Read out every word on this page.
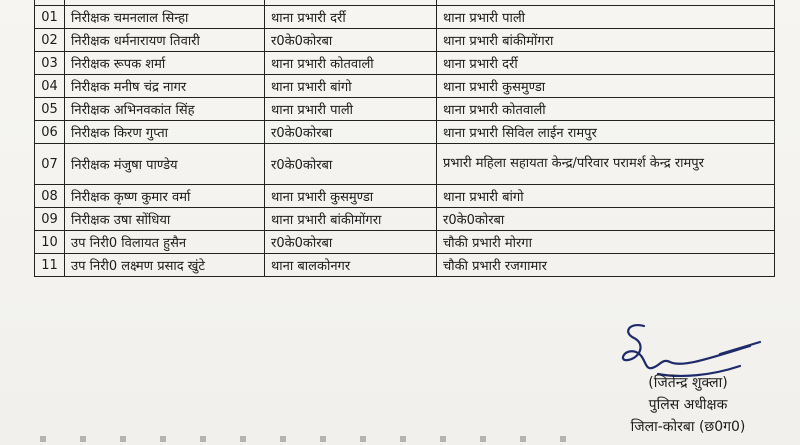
01	निरीक्षक चमनलाल सिन्हा	थाना प्रभारी दर्री	थाना प्रभारी पाली
02	निरीक्षक धर्मनारायण तिवारी	र0के0कोरबा	थाना प्रभारी बांकीमोंगरा
03	निरीक्षक रूपक शर्मा	थाना प्रभारी कोतवाली	थाना प्रभारी दर्री
04	निरीक्षक मनीष चंद्र नागर	थाना प्रभारी बांगो	थाना प्रभारी कुसमुण्डा
05	निरीक्षक अभिनवकांत सिंह	थाना प्रभारी पाली	थाना प्रभारी कोतवाली
06	निरीक्षक किरण गुप्ता	र0के0कोरबा	थाना प्रभारी सिविल लाईन रामपुर
07	निरीक्षक मंजुषा पाण्डेय	र0के0कोरबा	प्रभारी महिला सहायता केन्द्र/परिवार परामर्श केन्द्र रामपुर
08	निरीक्षक कृष्ण कुमार वर्मा	थाना प्रभारी कुसमुण्डा	थाना प्रभारी बांगो
09	निरीक्षक उषा सोंधिया	थाना प्रभारी बांकीमोंगरा	र0के0कोरबा
10	उप निरी0 विलायत हुसैन	र0के0कोरबा	चौकी प्रभारी मोरगा
11	उप निरी0 लक्ष्मण प्रसाद खुंटे	थाना बालकोनगर	चौकी प्रभारी रजगामार
(जितेन्द्र शुक्ला)
पुलिस अधीक्षक
जिला-कोरबा (छ0ग0)
